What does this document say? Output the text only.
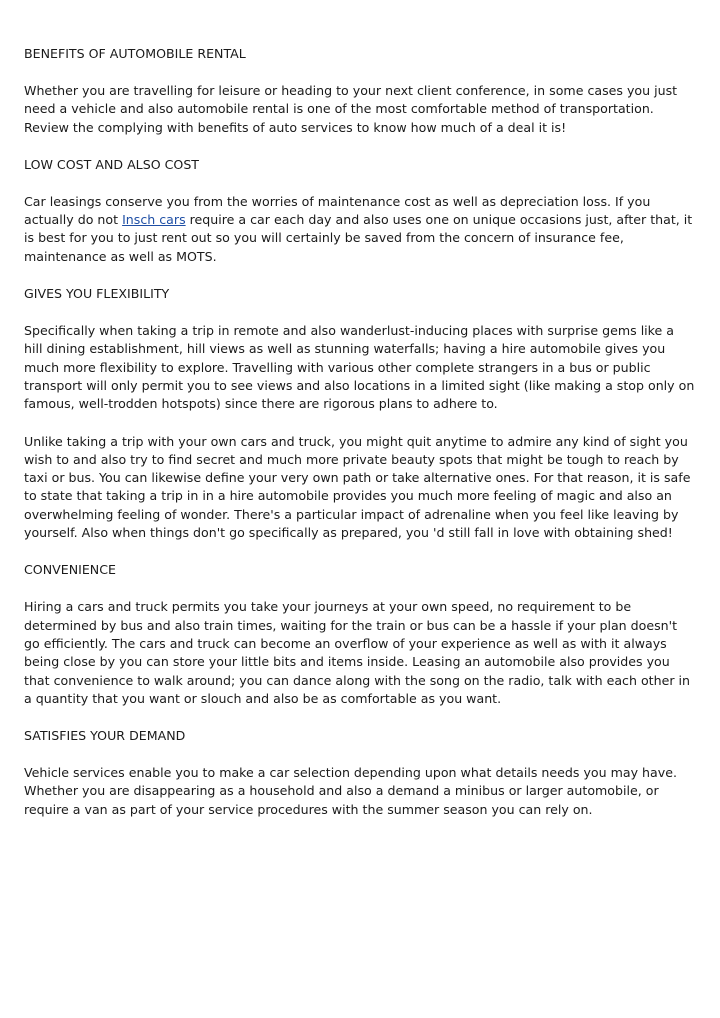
BENEFITS OF AUTOMOBILE RENTAL

Whether you are travelling for leisure or heading to your next client conference, in some cases you just need a vehicle and also automobile rental is one of the most comfortable method of transportation. Review the complying with benefits of auto services to know how much of a deal it is!

LOW COST AND ALSO COST

Car leasings conserve you from the worries of maintenance cost as well as depreciation loss. If you actually do not Insch cars require a car each day and also uses one on unique occasions just, after that, it is best for you to just rent out so you will certainly be saved from the concern of insurance fee, maintenance as well as MOTS.

GIVES YOU FLEXIBILITY

Specifically when taking a trip in remote and also wanderlust-inducing places with surprise gems like a hill dining establishment, hill views as well as stunning waterfalls; having a hire automobile gives you much more flexibility to explore. Travelling with various other complete strangers in a bus or public transport will only permit you to see views and also locations in a limited sight (like making a stop only on famous, well-trodden hotspots) since there are rigorous plans to adhere to.

Unlike taking a trip with your own cars and truck, you might quit anytime to admire any kind of sight you wish to and also try to find secret and much more private beauty spots that might be tough to reach by taxi or bus. You can likewise define your very own path or take alternative ones. For that reason, it is safe to state that taking a trip in in a hire automobile provides you much more feeling of magic and also an overwhelming feeling of wonder. There's a particular impact of adrenaline when you feel like leaving by yourself. Also when things don't go specifically as prepared, you 'd still fall in love with obtaining shed!

CONVENIENCE

Hiring a cars and truck permits you take your journeys at your own speed, no requirement to be determined by bus and also train times, waiting for the train or bus can be a hassle if your plan doesn't go efficiently. The cars and truck can become an overflow of your experience as well as with it always being close by you can store your little bits and items inside. Leasing an automobile also provides you that convenience to walk around; you can dance along with the song on the radio, talk with each other in a quantity that you want or slouch and also be as comfortable as you want.

SATISFIES YOUR DEMAND

Vehicle services enable you to make a car selection depending upon what details needs you may have. Whether you are disappearing as a household and also a demand a minibus or larger automobile, or require a van as part of your service procedures with the summer season you can rely on.
